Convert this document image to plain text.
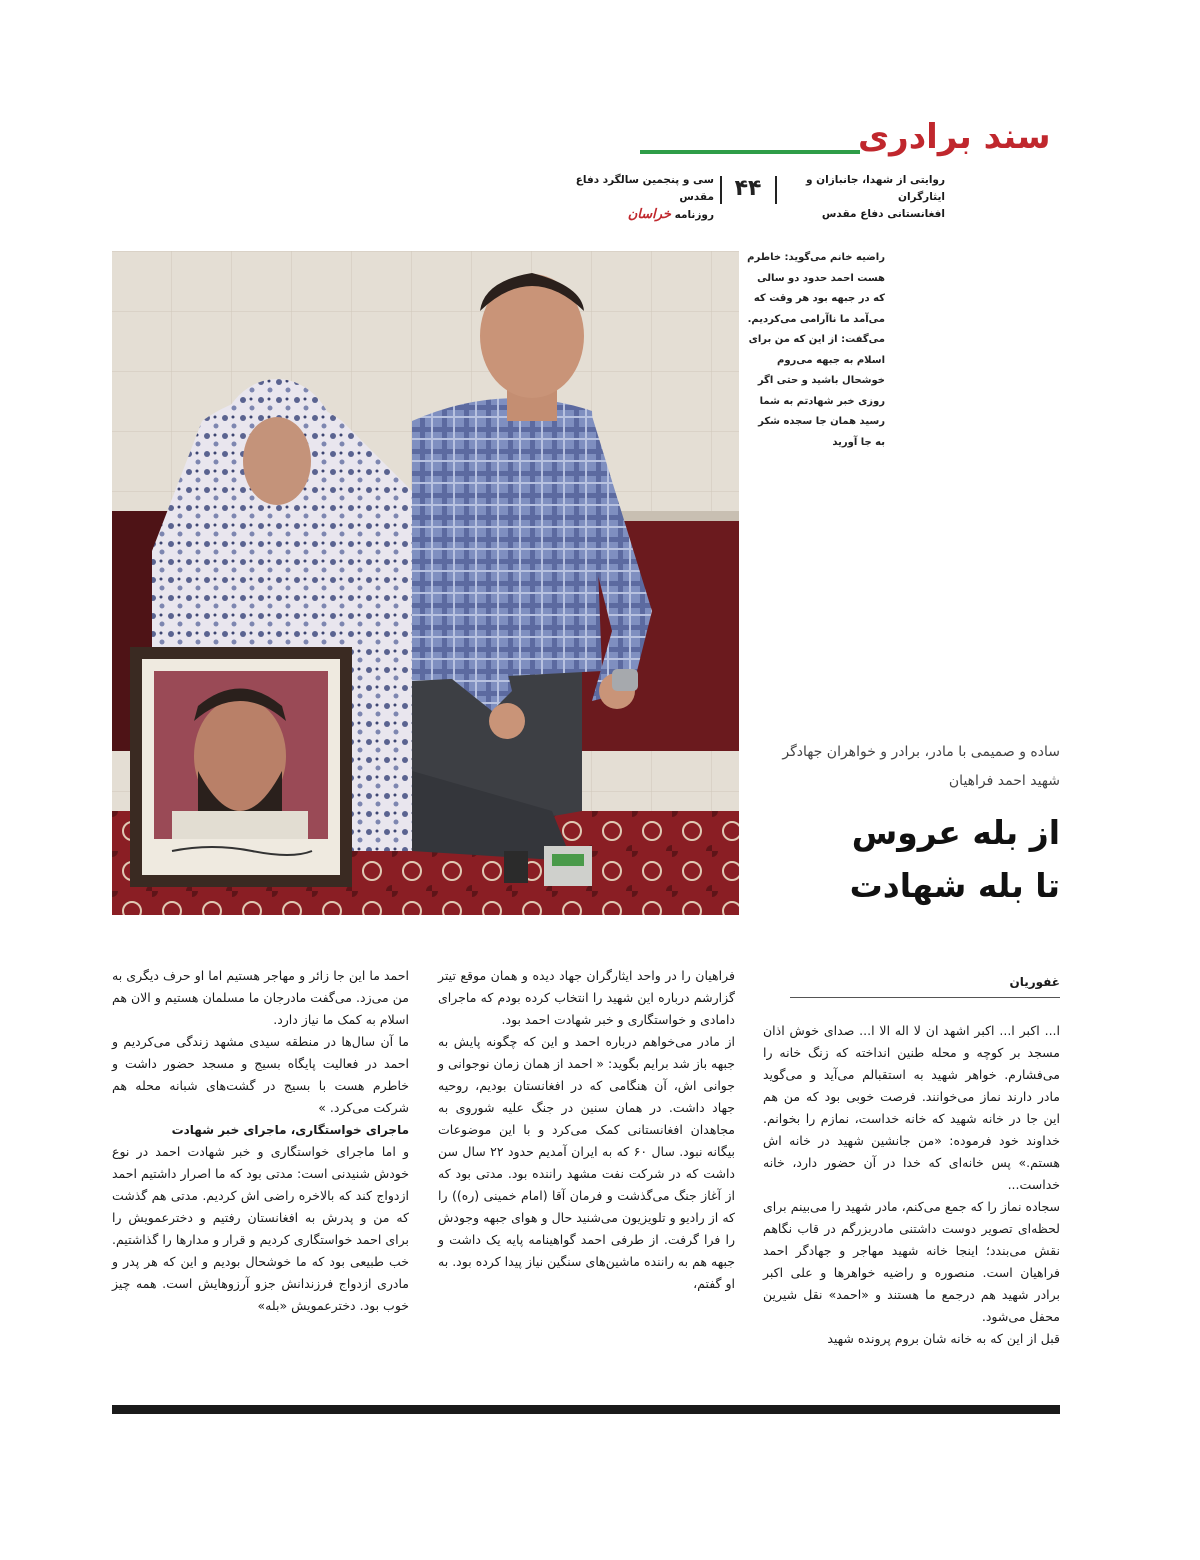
سند برادری
روایتی از شهدا، جانبازان و ایثارگران
افغانستانی دفاع مقدس
۴۴
سی و پنجمین سالگرد دفاع مقدس
روزنامه خراسان
راضیه خانم می‌گوید: خاطرم هست احمد حدود دو سالی که در جبهه بود هر وقت که می‌آمد ما ناآرامی می‌کردیم. می‌گفت: از این که من برای اسلام به جبهه می‌روم خوشحال باشید و حتی اگر روزی خبر شهادتم به شما رسید همان جا سجده شکر به جا آورید
ساده و صمیمی با مادر، برادر و خواهران جهادگر شهید احمد فراهیان
از بله عروس
تا بله شهادت
غفوریان

ا... اکبر ا... اکبر اشهد ان لا اله الا ا... صدای خوش اذان مسجد بر کوچه و محله طنین انداخته که زنگ خانه را می‌فشارم. خواهر شهید به استقبالم می‌آید و می‌گوید مادر دارند نماز می‌خوانند. فرصت خوبی بود که من هم این جا در خانه شهید که خانه خداست، نمازم را بخوانم. خداوند خود فرموده: «من جانشین شهید در خانه اش هستم.» پس خانه‌ای که خدا در آن حضور دارد، خانه خداست...

سجاده نماز را که جمع می‌کنم، مادر شهید را می‌بینم برای لحظه‌ای تصویر دوست داشتنی مادربزرگم در قاب نگاهم نقش می‌بندد؛ اینجا خانه شهید مهاجر و جهادگر احمد فراهیان است. منصوره و راضیه خواهرها و علی اکبر برادر شهید هم درجمع ما هستند و «احمد» نقل شیرین محفل می‌شود.

قبل از این که به خانه شان بروم پرونده شهید

فراهیان را در واحد ایثارگران جهاد دیده و همان موقع تیتر گزارشم درباره این شهید را انتخاب کرده بودم که ماجرای دامادی و خواستگاری و خبر شهادت احمد بود.

از مادر می‌خواهم درباره احمد و این که چگونه پایش به جبهه باز شد برایم بگوید: « احمد از همان زمان نوجوانی و جوانی اش، آن هنگامی که در افغانستان بودیم، روحیه جهاد داشت. در همان سنین در جنگ علیه شوروی به مجاهدان افغانستانی کمک می‌کرد و با این موضوعات بیگانه نبود. سال ۶۰ که به ایران آمدیم حدود ۲۲ سال سن داشت که در شرکت نفت مشهد راننده بود. مدتی بود که از آغاز جنگ می‌گذشت و فرمان آقا (امام خمینی (ره)) را که از رادیو و تلویزیون می‌شنید حال و هوای جبهه وجودش را فرا گرفت. از طرفی احمد گواهینامه پایه یک داشت و جبهه هم به راننده ماشین‌های سنگین نیاز پیدا کرده بود. به او گفتم،

احمد ما این جا زائر و مهاجر هستیم اما او حرف دیگری به من می‌زد. می‌گفت مادرجان ما مسلمان هستیم و الان هم اسلام به کمک ما نیاز دارد.

ما آن سال‌ها در منطقه سیدی مشهد زندگی می‌کردیم و احمد در فعالیت پایگاه بسیج و مسجد حضور داشت و خاطرم هست با بسیج در گشت‌های شبانه محله هم شرکت می‌کرد. »

ماجرای خواستگاری، ماجرای خبر شهادت

و اما ماجرای خواستگاری و خبر شهادت احمد در نوع خودش شنیدنی است: مدتی بود که ما اصرار داشتیم احمد ازدواج کند که بالاخره راضی اش کردیم. مدتی هم گذشت که من و پدرش به افغانستان رفتیم و دخترعمویش را برای احمد خواستگاری کردیم و قرار و مدارها را گذاشتیم. خب طبیعی بود که ما خوشحال بودیم و این که هر پدر و مادری ازدواج فرزندانش جزو آرزوهایش است. همه چیز خوب بود. دخترعمویش «بله»
